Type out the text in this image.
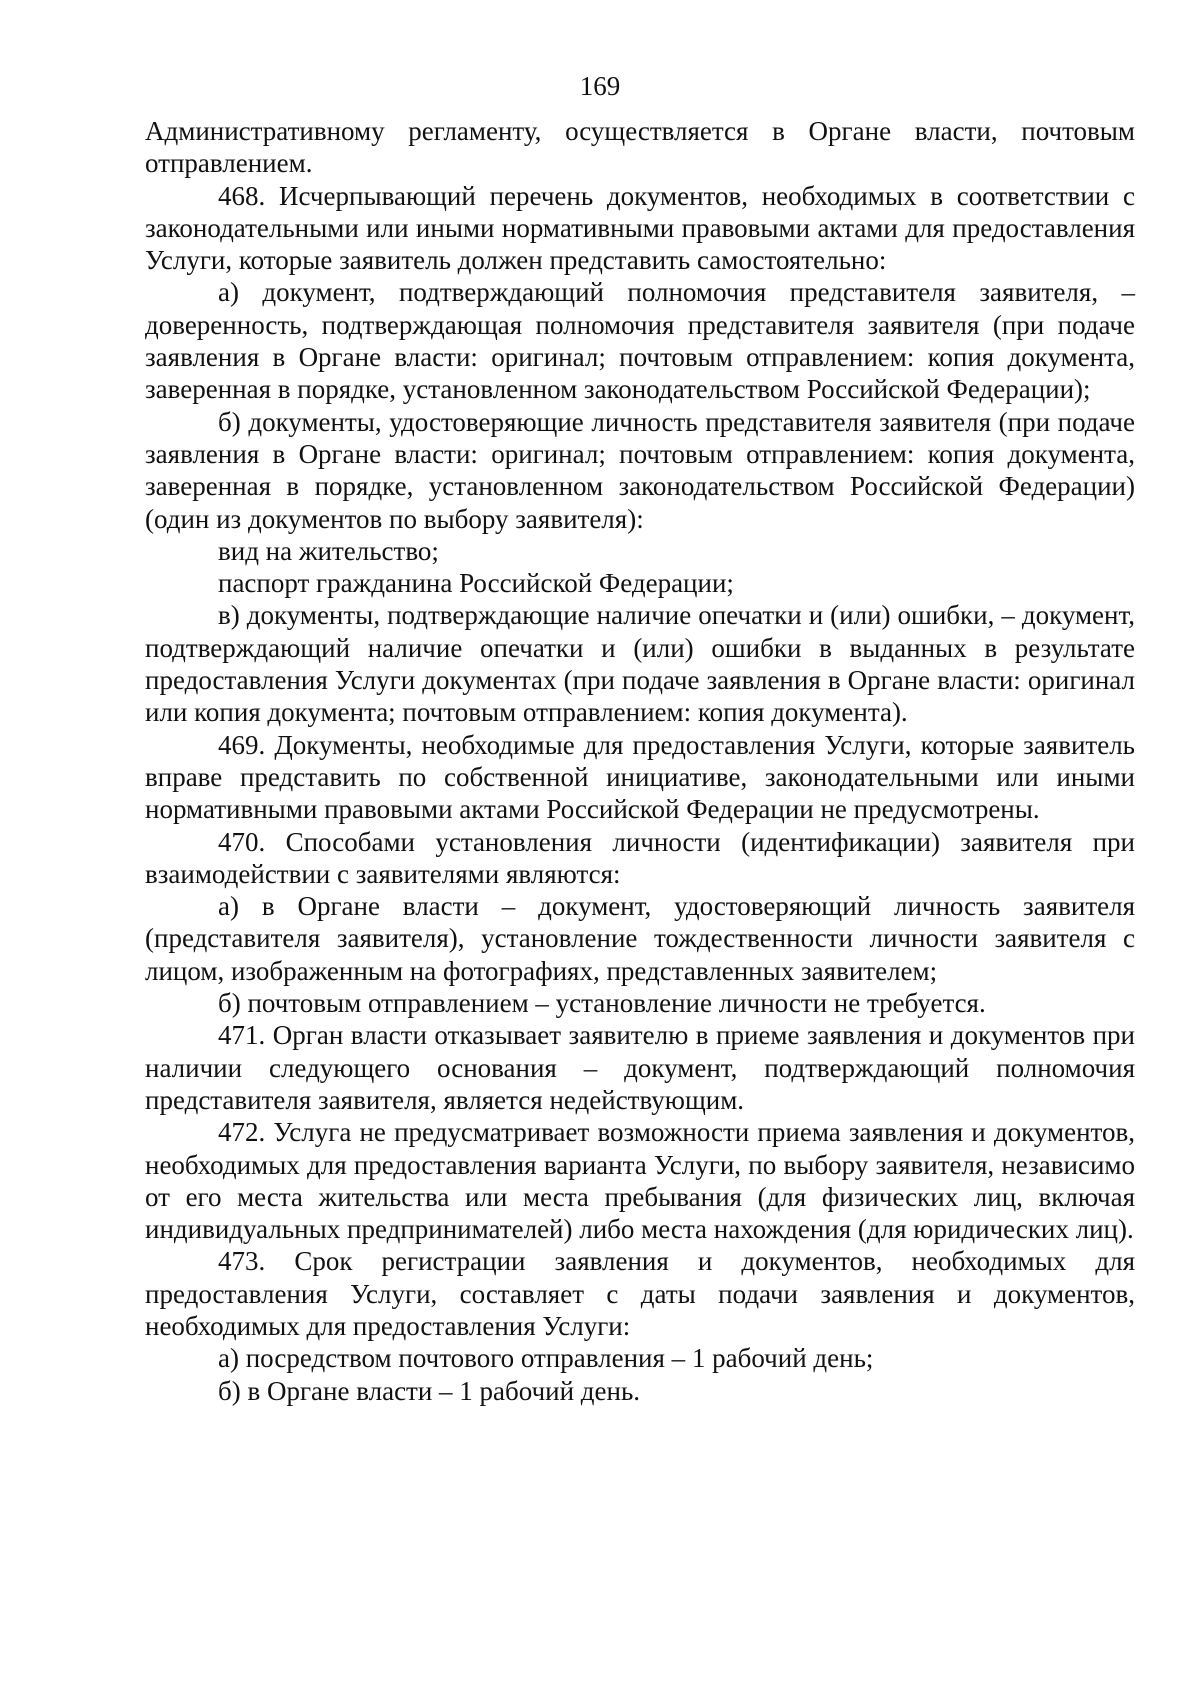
169

Административному регламенту, осуществляется в Органе власти, почтовым отправлением.

468. Исчерпывающий перечень документов, необходимых в соответствии с законодательными или иными нормативными правовыми актами для предоставления Услуги, которые заявитель должен представить самостоятельно:

а) документ, подтверждающий полномочия представителя заявителя, – доверенность, подтверждающая полномочия представителя заявителя (при подаче заявления в Органе власти: оригинал; почтовым отправлением: копия документа, заверенная в порядке, установленном законодательством Российской Федерации);

б) документы, удостоверяющие личность представителя заявителя (при подаче заявления в Органе власти: оригинал; почтовым отправлением: копия документа, заверенная в порядке, установленном законодательством Российской Федерации) (один из документов по выбору заявителя):

вид на жительство;

паспорт гражданина Российской Федерации;

в) документы, подтверждающие наличие опечатки и (или) ошибки, – документ, подтверждающий наличие опечатки и (или) ошибки в выданных в результате предоставления Услуги документах (при подаче заявления в Органе власти: оригинал или копия документа; почтовым отправлением: копия документа).

469. Документы, необходимые для предоставления Услуги, которые заявитель вправе представить по собственной инициативе, законодательными или иными нормативными правовыми актами Российской Федерации не предусмотрены.

470. Способами установления личности (идентификации) заявителя при взаимодействии с заявителями являются:

а) в Органе власти – документ, удостоверяющий личность заявителя (представителя заявителя), установление тождественности личности заявителя с лицом, изображенным на фотографиях, представленных заявителем;

б) почтовым отправлением – установление личности не требуется.

471. Орган власти отказывает заявителю в приеме заявления и документов при наличии следующего основания – документ, подтверждающий полномочия представителя заявителя, является недействующим.

472. Услуга не предусматривает возможности приема заявления и документов, необходимых для предоставления варианта Услуги, по выбору заявителя, независимо от его места жительства или места пребывания (для физических лиц, включая индивидуальных предпринимателей) либо места нахождения (для юридических лиц).

473. Срок регистрации заявления и документов, необходимых для предоставления Услуги, составляет с даты подачи заявления и документов, необходимых для предоставления Услуги:

а) посредством почтового отправления – 1 рабочий день;

б) в Органе власти – 1 рабочий день.
